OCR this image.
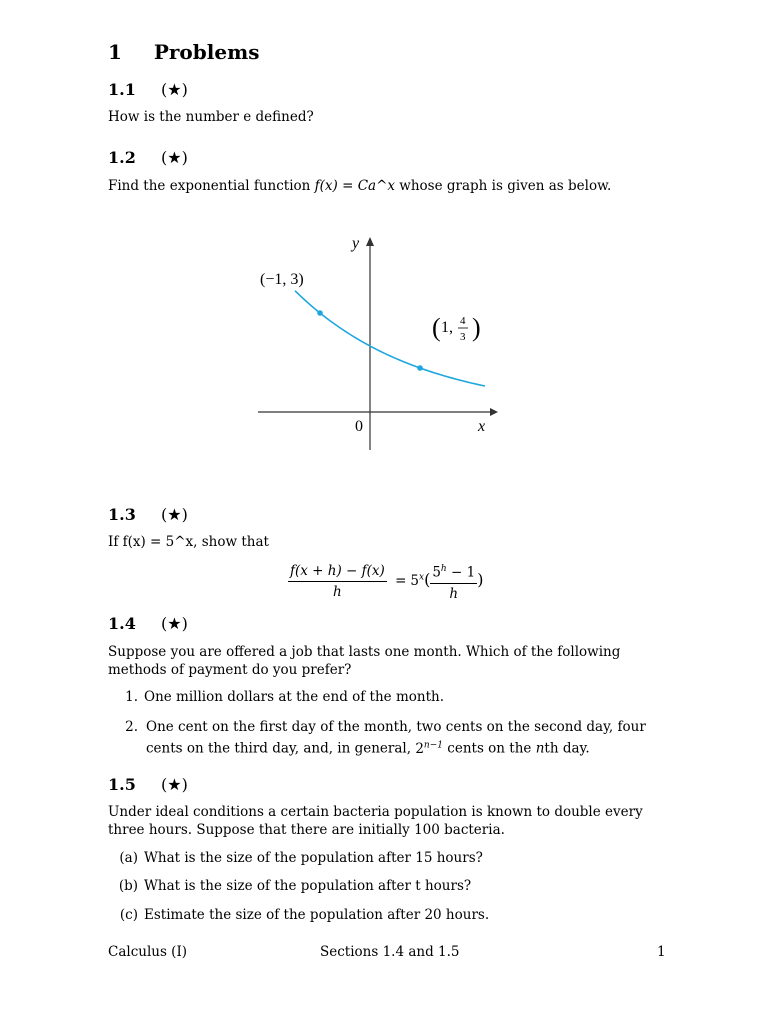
1 Problems
1.1 (★)
How is the number e defined?
1.2 (★)
Find the exponential function f(x) = Ca^x whose graph is given as below.
y
x
0
(−1, 3)
( 1, 4
3 )
1.3 (★)
If f(x) = 5^x, show that
$\frac{f(x + h) - f(x)}{h} = 5^x( \frac{5^h - 1}{h}$ )
1.4 (★)
Suppose you are offered a job that lasts one month. Which of the following methods of payment do you prefer?
1. One million dollars at the end of the month.
2. One cent on the first day of the month, two cents on the second day, four cents on the third day, and, in general, $2^{n-1}$ cents on the nth day.
1.5 (★)
Under ideal conditions a certain bacteria population is known to double every three hours. Suppose that there are initially 100 bacteria.
(a) What is the size of the population after 15 hours?
(b) What is the size of the population after t hours?
(c) Estimate the size of the population after 20 hours.
Calculus (I)	Sections 1.4 and 1.5	1
